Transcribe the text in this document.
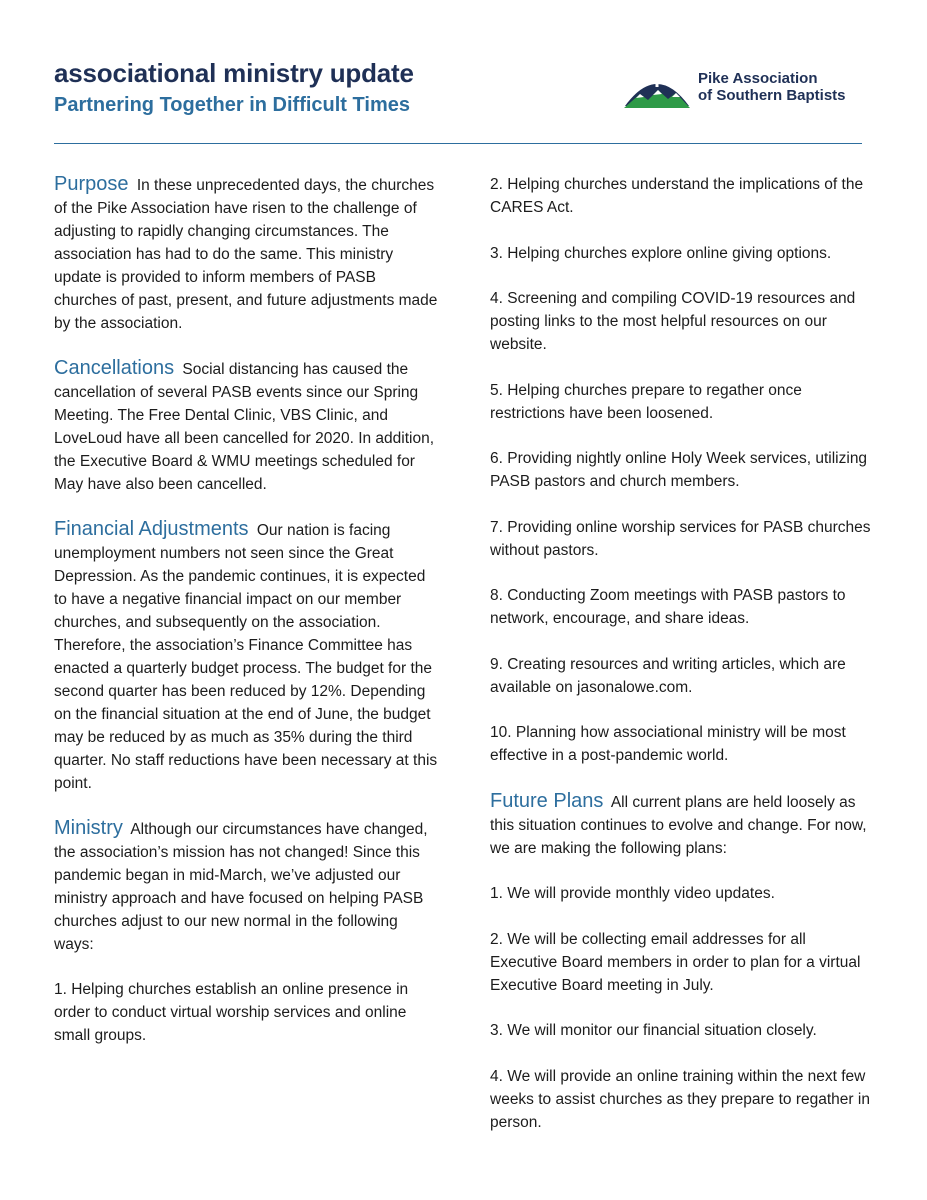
associational ministry update
Partnering Together in Difficult Times
Pike Association
of Southern Baptists

Purpose In these unprecedented days, the churches of the Pike Association have risen to the challenge of adjusting to rapidly changing circumstances. The association has had to do the same. This ministry update is provided to inform members of PASB churches of past, present, and future adjustments made by the association.

Cancellations Social distancing has caused the cancellation of several PASB events since our Spring Meeting. The Free Dental Clinic, VBS Clinic, and LoveLoud have all been cancelled for 2020. In addition, the Executive Board & WMU meetings scheduled for May have also been cancelled.

Financial Adjustments Our nation is facing unemployment numbers not seen since the Great Depression. As the pandemic continues, it is expected to have a negative financial impact on our member churches, and subsequently on the association. Therefore, the association’s Finance Committee has enacted a quarterly budget process. The budget for the second quarter has been reduced by 12%. Depending on the financial situation at the end of June, the budget may be reduced by as much as 35% during the third quarter. No staff reductions have been necessary at this point.

Ministry Although our circumstances have changed, the association’s mission has not changed! Since this pandemic began in mid-March, we’ve adjusted our ministry approach and have focused on helping PASB churches adjust to our new normal in the following ways:

1. Helping churches establish an online presence in order to conduct virtual worship services and online small groups.

2. Helping churches understand the implications of the CARES Act.

3. Helping churches explore online giving options.

4. Screening and compiling COVID-19 resources and posting links to the most helpful resources on our website.

5. Helping churches prepare to regather once restrictions have been loosened.

6. Providing nightly online Holy Week services, utilizing PASB pastors and church members.

7. Providing online worship services for PASB churches without pastors.

8. Conducting Zoom meetings with PASB pastors to network, encourage, and share ideas.

9. Creating resources and writing articles, which are available on jasonalowe.com.

10. Planning how associational ministry will be most effective in a post-pandemic world.

Future Plans All current plans are held loosely as this situation continues to evolve and change. For now, we are making the following plans:

1. We will provide monthly video updates.

2. We will be collecting email addresses for all Executive Board members in order to plan for a virtual Executive Board meeting in July.

3. We will monitor our financial situation closely.

4. We will provide an online training within the next few weeks to assist churches as they prepare to regather in person.
